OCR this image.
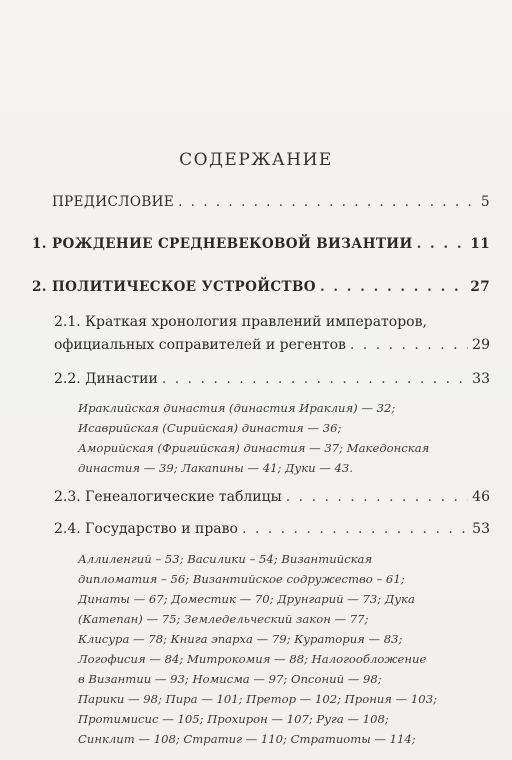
СОДЕРЖАНИЕ
ПРЕДИСЛОВИЕ . . .	5
1. РОЖДЕНИЕ СРЕДНЕВЕКОВОЙ ВИЗАНТИИ . . .	11
2. ПОЛИТИЧЕСКОЕ УСТРОЙСТВО . . .	27
2.1. Краткая хронология правлений императоров,
официальных соправителей и регентов . . .	29
2.2. Династии . . .	33
Ираклийская династия (династия Ираклия) — 32;
Исаврийская (Сирийская) династия — 36;
Аморийская (Фригийская) династия — 37; Македонская
династия — 39; Лакапины — 41; Дуки — 43.
2.3. Генеалогические таблицы . . .	46
2.4. Государство и право . . .	53
Аллиленгий – 53; Василики – 54; Византийская
дипломатия – 56; Византийское содружество – 61;
Динаты — 67; Доместик — 70; Друнгарий — 73; Дука
(Катепан) — 75; Земледельческий закон — 77;
Клисура — 78; Книга эпарха — 79; Куратория — 83;
Логофисия — 84; Митрокомия — 88; Налогообложение
в Византии — 93; Номисма — 97; Опсоний — 98;
Парики — 98; Пира — 101; Претор — 102; Прония — 103;
Протимисис — 105; Прохирон — 107; Руга — 108;
Синклит — 108; Стратиг — 110; Стратиоты — 114;
